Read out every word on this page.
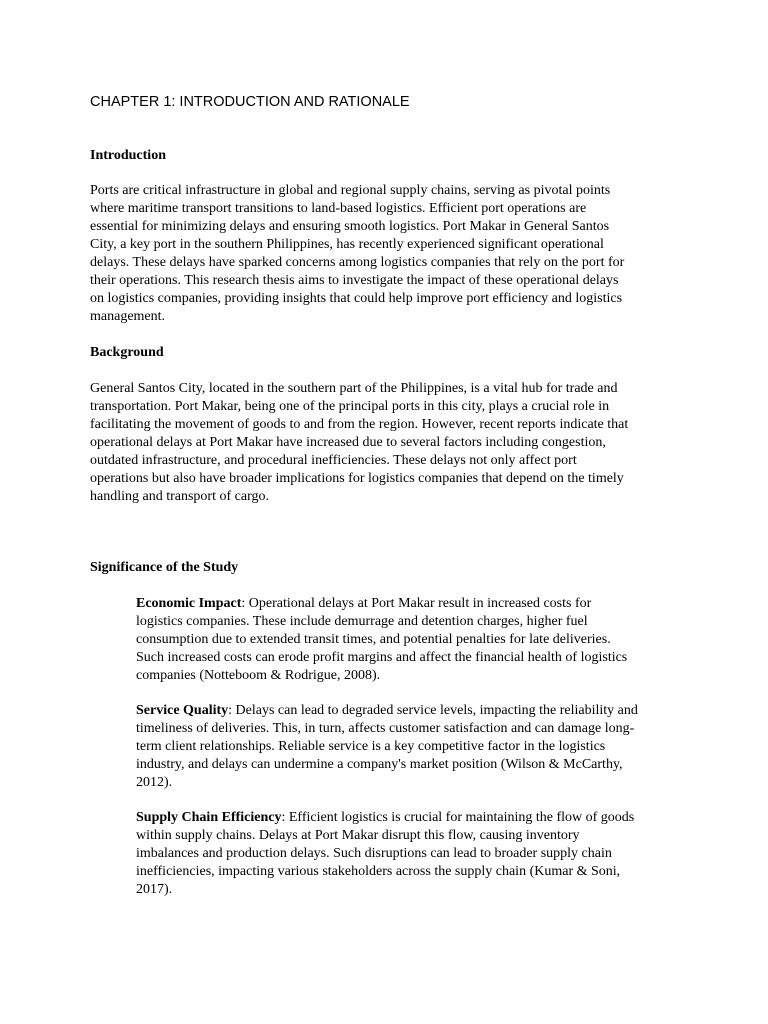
CHAPTER 1: INTRODUCTION AND RATIONALE
Introduction

Ports are critical infrastructure in global and regional supply chains, serving as pivotal points
where maritime transport transitions to land-based logistics. Efficient port operations are
essential for minimizing delays and ensuring smooth logistics. Port Makar in General Santos
City, a key port in the southern Philippines, has recently experienced significant operational
delays. These delays have sparked concerns among logistics companies that rely on the port for
their operations. This research thesis aims to investigate the impact of these operational delays
on logistics companies, providing insights that could help improve port efficiency and logistics
management.

Background

General Santos City, located in the southern part of the Philippines, is a vital hub for trade and
transportation. Port Makar, being one of the principal ports in this city, plays a crucial role in
facilitating the movement of goods to and from the region. However, recent reports indicate that
operational delays at Port Makar have increased due to several factors including congestion,
outdated infrastructure, and procedural inefficiencies. These delays not only affect port
operations but also have broader implications for logistics companies that depend on the timely
handling and transport of cargo.

Significance of the Study

Economic Impact: Operational delays at Port Makar result in increased costs for
logistics companies. These include demurrage and detention charges, higher fuel
consumption due to extended transit times, and potential penalties for late deliveries.
Such increased costs can erode profit margins and affect the financial health of logistics
companies (Notteboom & Rodrigue, 2008).

Service Quality: Delays can lead to degraded service levels, impacting the reliability and
timeliness of deliveries. This, in turn, affects customer satisfaction and can damage long-
term client relationships. Reliable service is a key competitive factor in the logistics
industry, and delays can undermine a company's market position (Wilson & McCarthy,
2012).

Supply Chain Efficiency: Efficient logistics is crucial for maintaining the flow of goods
within supply chains. Delays at Port Makar disrupt this flow, causing inventory
imbalances and production delays. Such disruptions can lead to broader supply chain
inefficiencies, impacting various stakeholders across the supply chain (Kumar & Soni,
2017).
